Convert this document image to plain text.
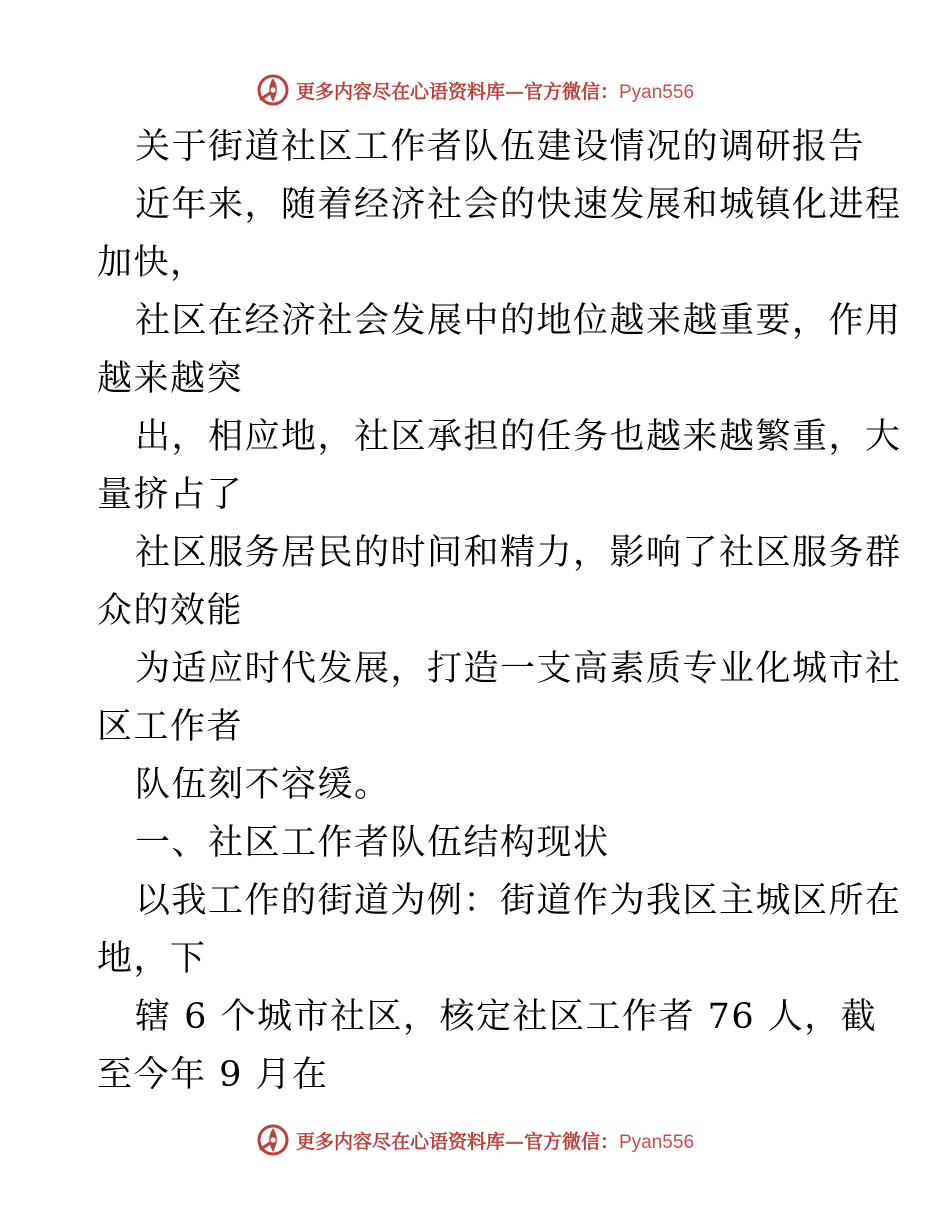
更多内容尽在心语资料库—官方微信：Pyan556
关于街道社区工作者队伍建设情况的调研报告
近年来，随着经济社会的快速发展和城镇化进程
加快，
社区在经济社会发展中的地位越来越重要，作用
越来越突
出，相应地，社区承担的任务也越来越繁重，大
量挤占了
社区服务居民的时间和精力，影响了社区服务群
众的效能
为适应时代发展，打造一支高素质专业化城市社
区工作者
队伍刻不容缓。
一、社区工作者队伍结构现状
以我工作的街道为例：街道作为我区主城区所在
地，下
辖 6 个城市社区，核定社区工作者 76 人，截
至今年 9 月在
更多内容尽在心语资料库—官方微信：Pyan556
